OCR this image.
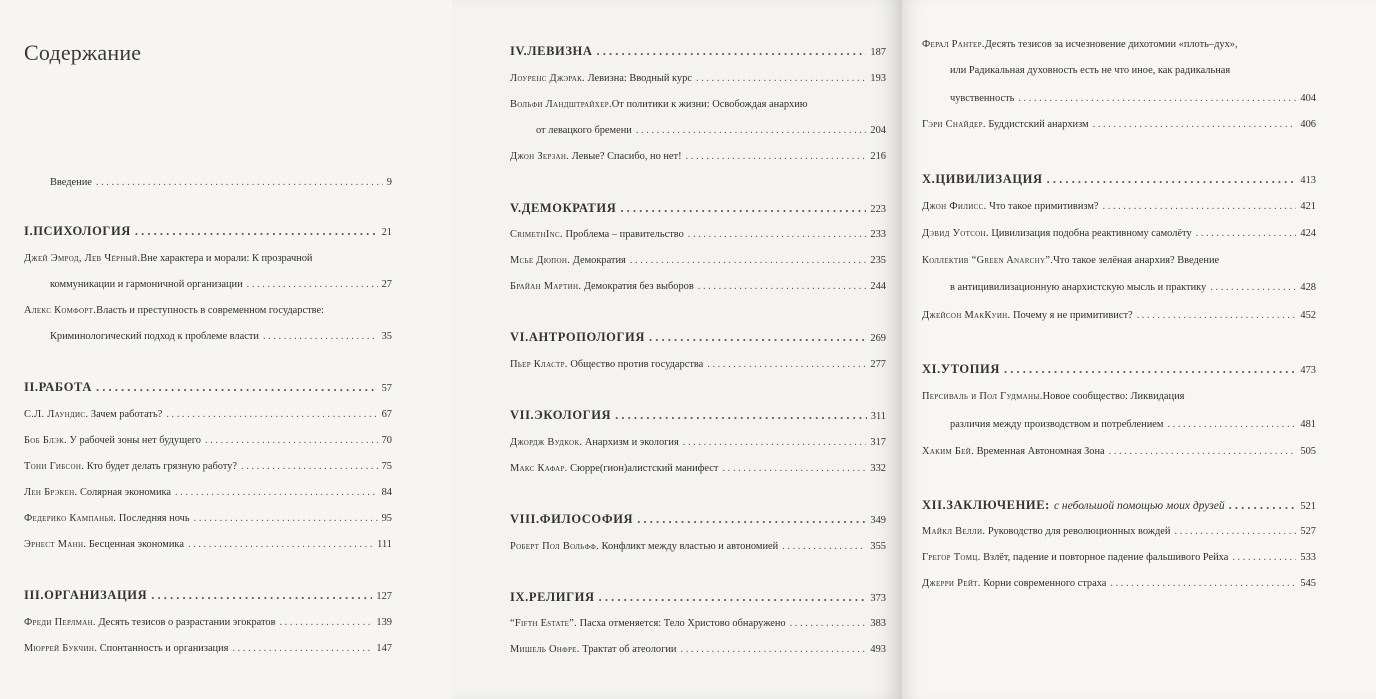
Содержание
Введение . . .	9
I. ПСИХОЛОГИЯ . . .	21
Джей Эмрод, Лев Чёрный. Вне характера и морали: К прозрачной
коммуникации и гармоничной организации . . .	27
Алекс Комфорт. Власть и преступность в современном государстве:
Криминологический подход к проблеме власти . . .	35
II. РАБОТА . . .	57
С.Л. Лаундис. Зачем работать? . . .	67
Боб Блэк. У рабочей зоны нет будущего . . .	70
Тони Гибсон. Кто будет делать грязную работу? . . .	75
Лен Брэкен. Солярная экономика . . .	84
Федерико Кампанья. Последняя ночь . . .	95
Эрнест Манн. Бесценная экономика . . .	111
III. ОРГАНИЗАЦИЯ . . .	127
Фреди Перлман. Десять тезисов о разрастании эгократов . . .	139
Мюррей Букчин. Спонтанность и организация . . .	147
IV. ЛЕВИЗНА . . .	187
Лоуренс Джэрак. Левизна: Вводный курс . . .	193
Вольфи Ландштрайхер. От политики к жизни: Освобождая анархию
от левацкого бремени . . .	204
Джон Зерзан. Левые? Спасибо, но нет! . . .	216
V. ДЕМОКРАТИЯ . . .	223
CrimethInc. Проблема – правительство . . .	233
Мсье Дюпон. Демократия . . .	235
Брайан Мартин. Демократия без выборов . . .	244
VI. АНТРОПОЛОГИЯ . . .	269
Пьер Кластр. Общество против государства . . .	277
VII. ЭКОЛОГИЯ . . .	311
Джордж Вудкок. Анархизм и экология . . .	317
Макс Кафар. Сюрре(гион)алистский манифест . . .	332
VIII. ФИЛОСОФИЯ . . .	349
Роберт Пол Вольфф. Конфликт между властью и автономией . . .	355
IX. РЕЛИГИЯ . . .	373
“Fifth Estate”. Пасха отменяется: Тело Христово обнаружено . . .	383
Мишель Онфре. Трактат об атеологии . . .	493
Ферал Рантер. Десять тезисов за исчезновение дихотомии «плоть–дух»,
или Радикальная духовность есть не что иное, как радикальная
чувственность . . .	404
Гэри Снайдер. Буддистский анархизм . . .	406
X. ЦИВИЛИЗАЦИЯ . . .	413
Джон Филисс. Что такое примитивизм? . . .	421
Дэвид Уотсон. Цивилизация подобна реактивному самолёту . . .	424
Коллектив “Green Anarchy”. Что такое зелёная анархия? Введение
в антицивилизационную анархистскую мысль и практику . . .	428
Джейсон МакКуин. Почему я не примитивист? . . .	452
XI. УТОПИЯ . . .	473
Персиваль и Пол Гудманы. Новое сообщество: Ликвидация
различия между производством и потреблением . . .	481
Хаким Бей. Временная Автономная Зона . . .	505
XII. ЗАКЛЮЧЕНИЕ: с небольшой помощью моих друзей . . .	521
Майкл Велли. Руководство для революционных вождей . . .	527
Грегор Томц. Взлёт, падение и повторное падение фальшивого Рейха . . .	533
Джерри Рейт. Корни современного страха . . .	545
